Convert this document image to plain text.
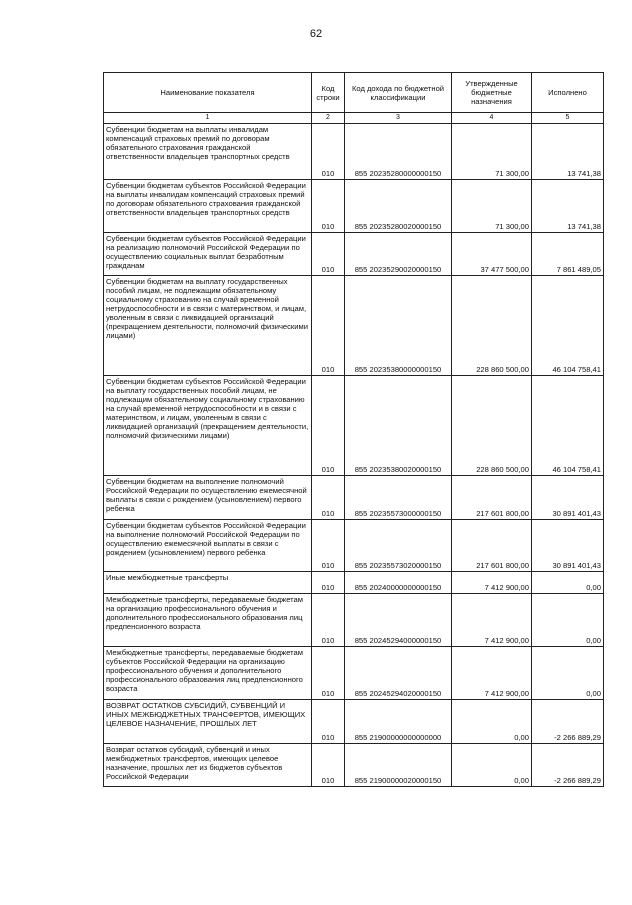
62
Наименование показателя	Код строки	Код дохода по бюджетной классификации	Утвержденные бюджетные назначения	Исполнено
1	2	3	4	5
Субвенции бюджетам на выплаты инвалидам компенсаций страховых премий по договорам обязательного страхования гражданской ответственности владельцев транспортных средств	010	855 20235280000000150	71 300,00	13 741,38
Субвенции бюджетам субъектов Российской Федерации на выплаты инвалидам компенсаций страховых премий по договорам обязательного страхования гражданской ответственности владельцев транспортных средств	010	855 20235280020000150	71 300,00	13 741,38
Субвенции бюджетам субъектов Российской Федерации на реализацию полномочий Российской Федерации по осуществлению социальных выплат безработным гражданам	010	855 20235290020000150	37 477 500,00	7 861 489,05
Субвенции бюджетам на выплату государственных пособий лицам, не подлежащим обязательному социальному страхованию на случай временной нетрудоспособности и в связи с материнством, и лицам, уволенным в связи с ликвидацией организаций (прекращением деятельности, полномочий физическими лицами)	010	855 20235380000000150	228 860 500,00	46 104 758,41
Субвенции бюджетам субъектов Российской Федерации на выплату государственных пособий лицам, не подлежащим обязательному социальному страхованию на случай временной нетрудоспособности и в связи с материнством, и лицам, уволенным в связи с ликвидацией организаций (прекращением деятельности, полномочий физическими лицами)	010	855 20235380020000150	228 860 500,00	46 104 758,41
Субвенции бюджетам на выполнение полномочий Российской Федерации по осуществлению ежемесячной выплаты в связи с рождением (усыновлением) первого ребенка	010	855 20235573000000150	217 601 800,00	30 891 401,43
Субвенции бюджетам субъектов Российской Федерации на выполнение полномочий Российской Федерации по осуществлению ежемесячной выплаты в связи с рождением (усыновлением) первого ребенка	010	855 20235573020000150	217 601 800,00	30 891 401,43
Иные межбюджетные трансферты	010	855 20240000000000150	7 412 900,00	0,00
Межбюджетные трансферты, передаваемые бюджетам на организацию профессионального обучения и дополнительного профессионального образования лиц предпенсионного возраста	010	855 20245294000000150	7 412 900,00	0,00
Межбюджетные трансферты, передаваемые бюджетам субъектов Российской Федерации на организацию профессионального обучения и дополнительного профессионального образования лиц предпенсионного возраста	010	855 20245294020000150	7 412 900,00	0,00
ВОЗВРАТ ОСТАТКОВ СУБСИДИЙ, СУБВЕНЦИЙ И ИНЫХ МЕЖБЮДЖЕТНЫХ ТРАНСФЕРТОВ, ИМЕЮЩИХ ЦЕЛЕВОЕ НАЗНАЧЕНИЕ, ПРОШЛЫХ ЛЕТ	010	855 21900000000000000	0,00	-2 266 889,29
Возврат остатков субсидий, субвенций и иных межбюджетных трансфертов, имеющих целевое назначение, прошлых лет из бюджетов субъектов Российской Федерации	010	855 21900000020000150	0,00	-2 266 889,29
